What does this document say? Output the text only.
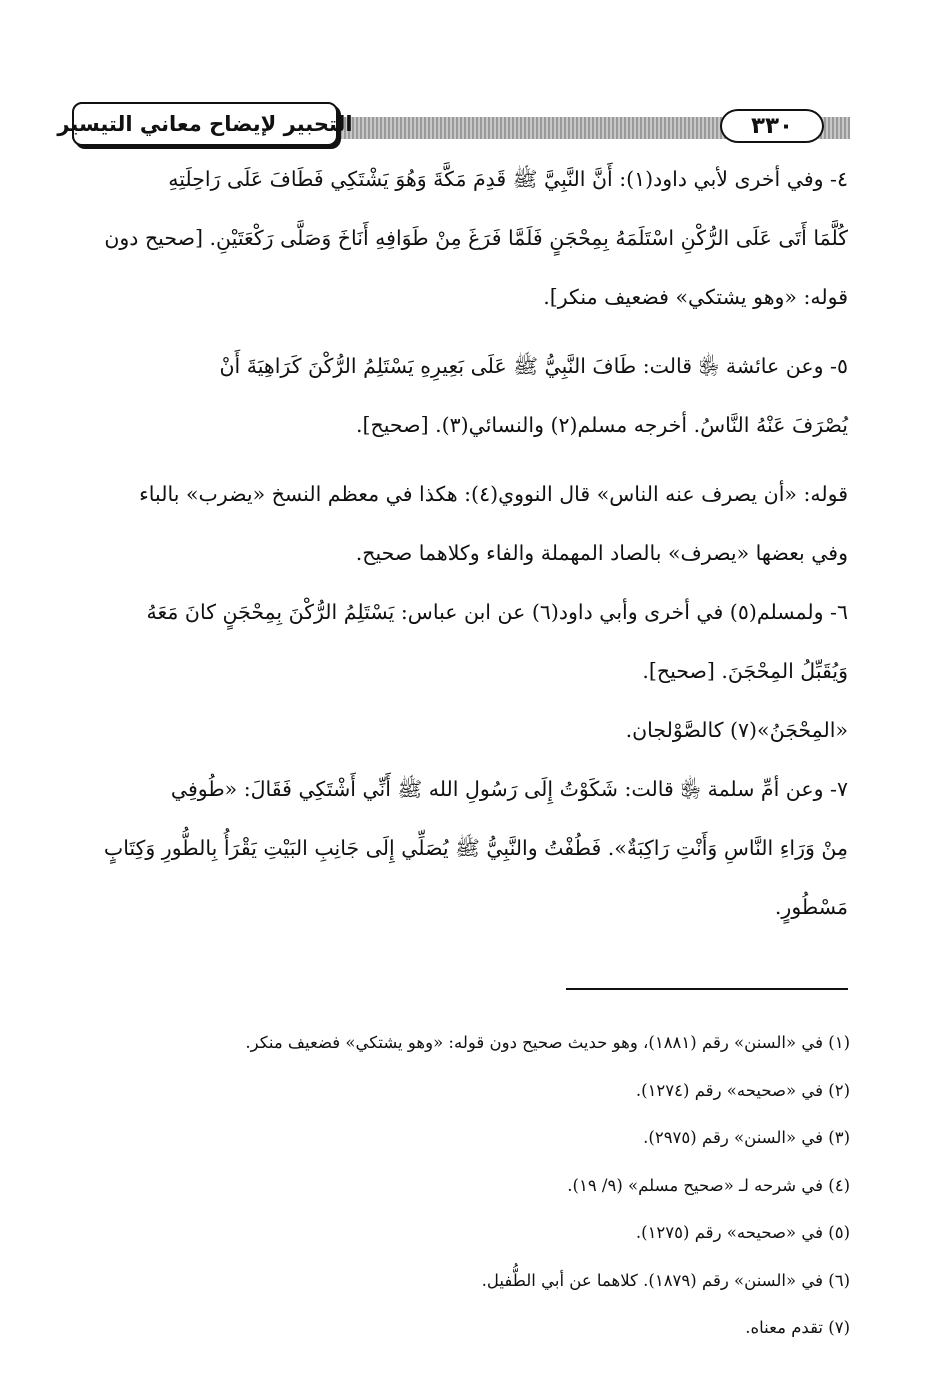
التحبير لإيضاح معاني التيسير	٣٣٠

٤- وفي أخرى لأبي داود(١): أَنَّ النَّبِيَّ ﷺ قَدِمَ مَكَّةَ وَهُوَ يَشْتَكِي فَطَافَ عَلَى رَاحِلَتِهِ

كُلَّمَا أَتَى عَلَى الرُّكْنِ اسْتَلَمَهُ بِمِحْجَنٍ فَلَمَّا فَرَغَ مِنْ طَوَافِهِ أَنَاخَ وَصَلَّى رَكْعَتَيْنِ. [صحيح دون

قوله: «وهو يشتكي» فضعيف منكر].

٥- وعن عائشة ﵂ قالت: طَافَ النَّبِيُّ ﷺ عَلَى بَعِيرِهِ يَسْتَلِمُ الرُّكْنَ كَرَاهِيَةَ أَنْ

يُصْرَفَ عَنْهُ النَّاسُ. أخرجه مسلم(٢) والنسائي(٣). [صحيح].

قوله: «أن يصرف عنه الناس» قال النووي(٤): هكذا في معظم النسخ «يضرب» بالباء

وفي بعضها «يصرف» بالصاد المهملة والفاء وكلاهما صحيح.

٦- ولمسلم(٥) في أخرى وأبي داود(٦) عن ابن عباس: يَسْتَلِمُ الرُّكْنَ بِمِحْجَنٍ كانَ مَعَهُ

وَيُقَبِّلُ المِحْجَنَ. [صحيح].

«المِحْجَنُ»(٧) كالصَّوْلجان.

٧- وعن أمِّ سلمة ﵂ قالت: شَكَوْتُ إِلَى رَسُولِ الله ﷺ أَنِّي أَشْتَكِي فَقَالَ: «طُوفِي

مِنْ وَرَاءِ النَّاسِ وَأَنْتِ رَاكِبَةٌ». فَطُفْتُ والنَّبِيُّ ﷺ يُصَلِّي إِلَى جَانِبِ البَيْتِ يَقْرَأُ بِالطُّورِ وَكِتَابٍ

مَسْطُورٍ.

(١) في «السنن» رقم (١٨٨١)، وهو حديث صحيح دون قوله: «وهو يشتكي» فضعيف منكر.

(٢) في «صحيحه» رقم (١٢٧٤).

(٣) في «السنن» رقم (٢٩٧٥).

(٤) في شرحه لـ «صحيح مسلم» (٩/ ١٩).

(٥) في «صحيحه» رقم (١٢٧٥).

(٦) في «السنن» رقم (١٨٧٩). كلاهما عن أبي الطُّفيل.

(٧) تقدم معناه.
